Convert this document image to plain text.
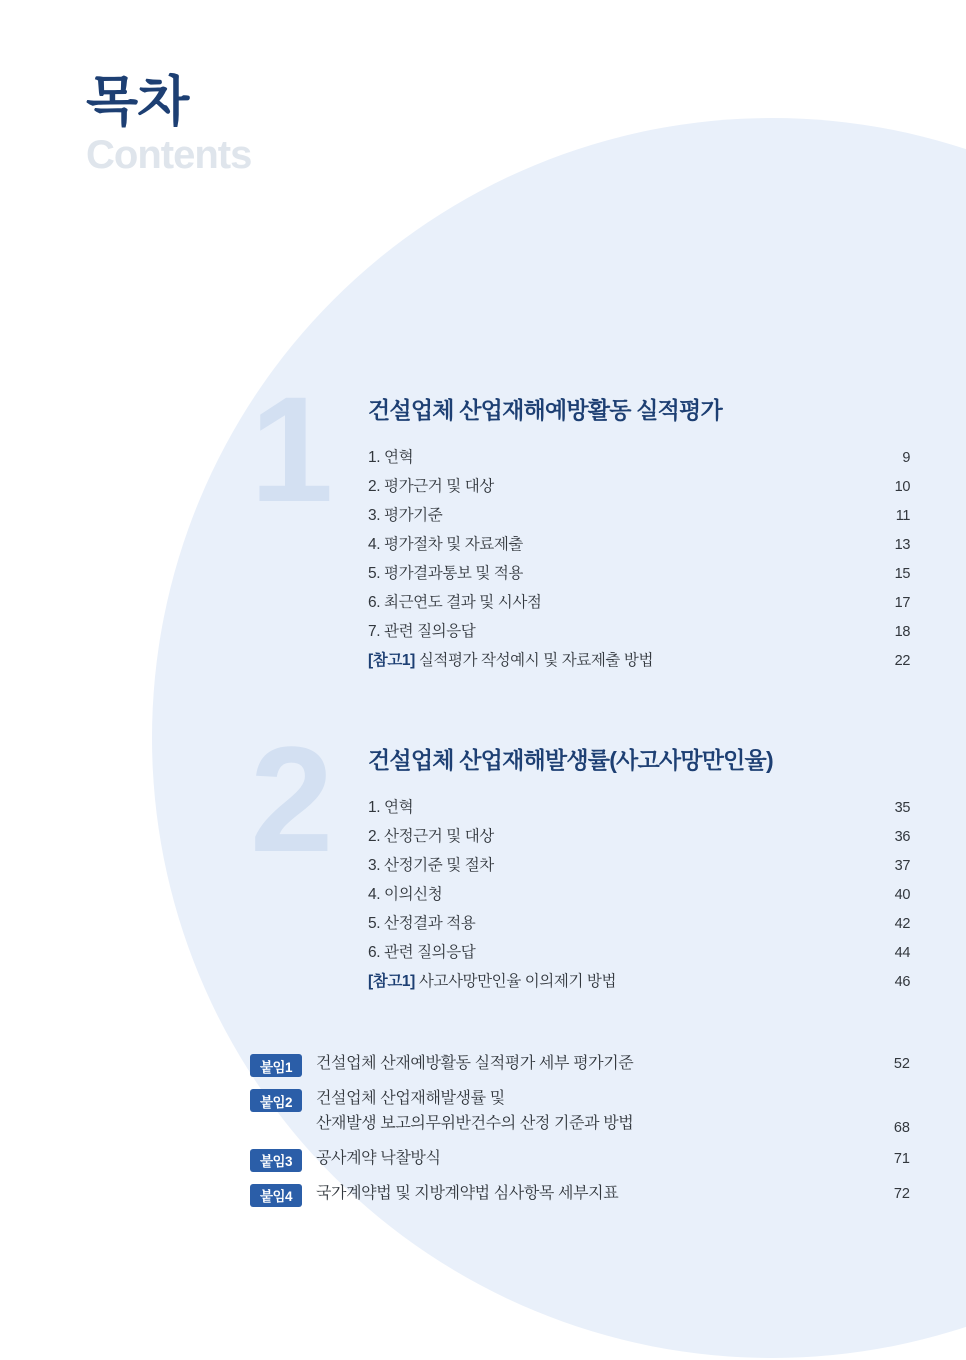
목차
Contents
1	건설업체 산업재해예방활동 실적평가
1. 연혁	9
2. 평가근거 및 대상	10
3. 평가기준	11
4. 평가절차 및 자료제출	13
5. 평가결과통보 및 적용	15
6. 최근연도 결과 및 시사점	17
7. 관련 질의응답	18
[참고1] 실적평가 작성예시 및 자료제출 방법	22
2	건설업체 산업재해발생률(사고사망만인율)
1. 연혁	35
2. 산정근거 및 대상	36
3. 산정기준 및 절차	37
4. 이의신청	40
5. 산정결과 적용	42
6. 관련 질의응답	44
[참고1] 사고사망만인율 이의제기 방법	46
붙임1	건설업체 산재예방활동 실적평가 세부 평가기준	52
붙임2	건설업체 산업재해발생률 및
산재발생 보고의무위반건수의 산정 기준과 방법	68
붙임3	공사계약 낙찰방식	71
붙임4	국가계약법 및 지방계약법 심사항목 세부지표	72
